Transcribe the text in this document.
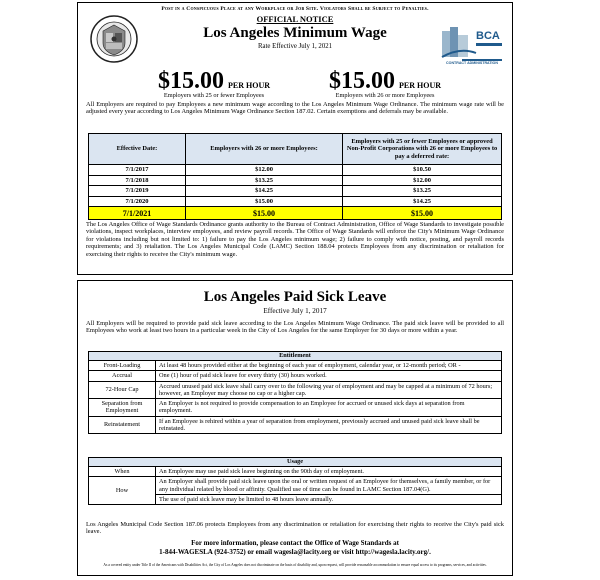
Post in a Conspicuous Place at any Workplace or Job Site. Violators Shall be Subject to Penalties.
OFFICIAL NOTICE
Los Angeles Minimum Wage
Rate Effective July 1, 2021
BCA
CONTRACT ADMINISTRATION
$15.00 PER HOUR
Employers with 25 or fewer Employees
$15.00 PER HOUR
Employers with 26 or more Employees
All Employers are required to pay Employees a new minimum wage according to the Los Angeles Minimum Wage Ordinance. The minimum wage rate will be adjusted every year according to Los Angeles Minimum Wage Ordinance Section 187.02. Certain exemptions and deferrals may be available.
Effective Date:	Employers with 26 or more Employees:	Employers with 25 or fewer Employees or approved Non-Profit Corporations with 26 or more Employees to pay a deferred rate:
7/1/2017	$12.00	$10.50
7/1/2018	$13.25	$12.00
7/1/2019	$14.25	$13.25
7/1/2020	$15.00	$14.25
7/1/2021	$15.00	$15.00
The Los Angeles Office of Wage Standards Ordinance grants authority to the Bureau of Contract Administration, Office of Wage Standards to investigate possible violations, inspect workplaces, interview employees, and review payroll records. The Office of Wage Standards will enforce the City's Minimum Wage Ordinance for violations including but not limited to: 1) failure to pay the Los Angeles minimum wage; 2) failure to comply with notice, posting, and payroll records requirements; and 3) retaliation. The Los Angeles Municipal Code (LAMC) Section 188.04 protects Employees from any discrimination or retaliation for exercising their rights to receive the City's minimum wage.
Los Angeles Paid Sick Leave
Effective July 1, 2017
All Employers will be required to provide paid sick leave according to the Los Angeles Minimum Wage Ordinance. The paid sick leave will be provided to all Employees who work at least two hours in a particular week in the City of Los Angeles for the same Employer for 30 days or more within a year.
Entitlement	
Front-Loading	At least 48 hours provided either at the beginning of each year of employment, calendar year, or 12-month period; OR -
Accrual	One (1) hour of paid sick leave for every thirty (30) hours worked.
72-Hour Cap	Accrued unused paid sick leave shall carry over to the following year of employment and may be capped at a minimum of 72 hours; however, an Employer may choose no cap or a higher cap.
Separation from Employment	An Employer is not required to provide compensation to an Employee for accrued or unused sick days at separation from employment.
Reinstatement	If an Employee is rehired within a year of separation from employment, previously accrued and unused paid sick leave shall be reinstated.
Usage	
When	An Employee may use paid sick leave beginning on the 90th day of employment.
How	An Employer shall provide paid sick leave upon the oral or written request of an Employee for themselves, a family member, or for any individual related by blood or affinity. Qualified use of time can be found in LAMC Section 187.04(G).
	The use of paid sick leave may be limited to 48 hours leave annually.
Los Angeles Municipal Code Section 187.06 protects Employees from any discrimination or retaliation for exercising their rights to receive the City's paid sick leave.
For more information, please contact the Office of Wage Standards at
1-844-WAGESLA (924-3752) or email wagesla@lacity.org or visit http://wagesla.lacity.org/.
As a covered entity under Title II of the Americans with Disabilities Act, the City of Los Angeles does not discriminate on the basis of disability and, upon request, will provide reasonable accommodation to ensure equal access to its programs, services, and activities.
